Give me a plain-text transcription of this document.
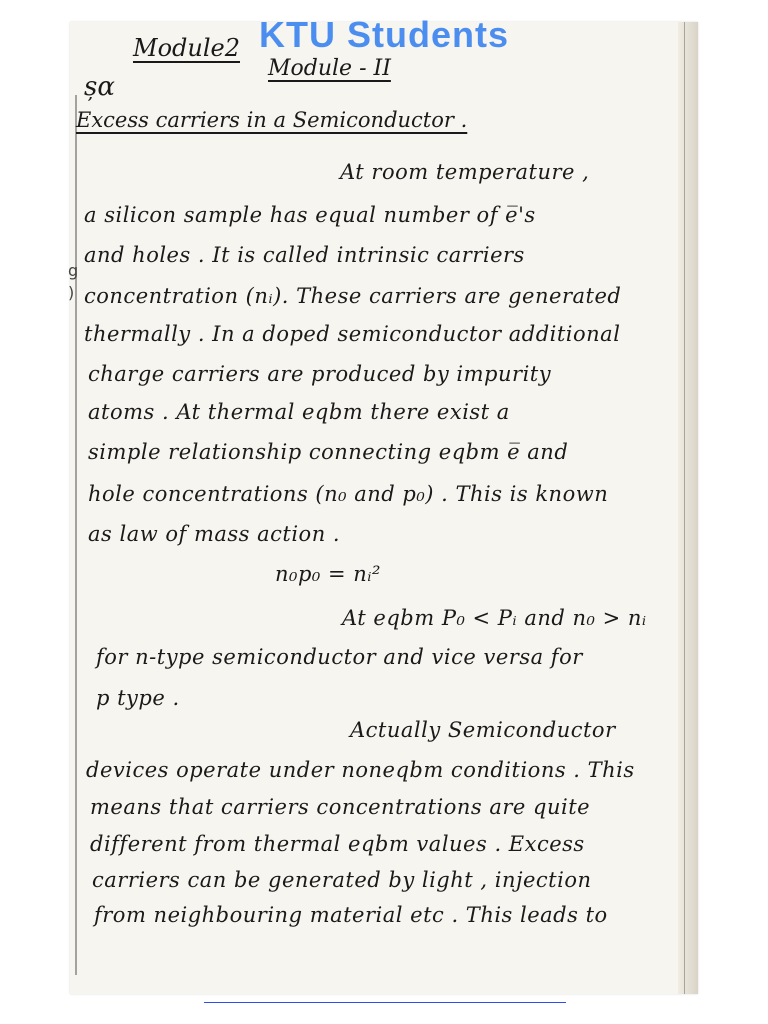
KTU Students
Module2
Module - II
șα
Excess carriers in a Semiconductor .
g
)
At room temperature ,
a silicon sample has equal number of e̅'s
and holes . It is called intrinsic carriers
concentration (nᵢ). These carriers are generated
thermally . In a doped semiconductor additional
charge carriers are produced by impurity
atoms . At thermal eqbm there exist a
simple relationship connecting eqbm e̅ and
hole concentrations (n₀ and p₀) . This is known
as law of mass action .
n₀p₀ = nᵢ²
At eqbm P₀ < Pᵢ and n₀ > nᵢ
for n-type semiconductor and vice versa for
p type .
Actually Semiconductor
devices operate under noneqbm conditions . This
means that carriers concentrations are quite
different from thermal eqbm values . Excess
carriers can be generated by light , injection
from neighbouring material etc . This leads to
